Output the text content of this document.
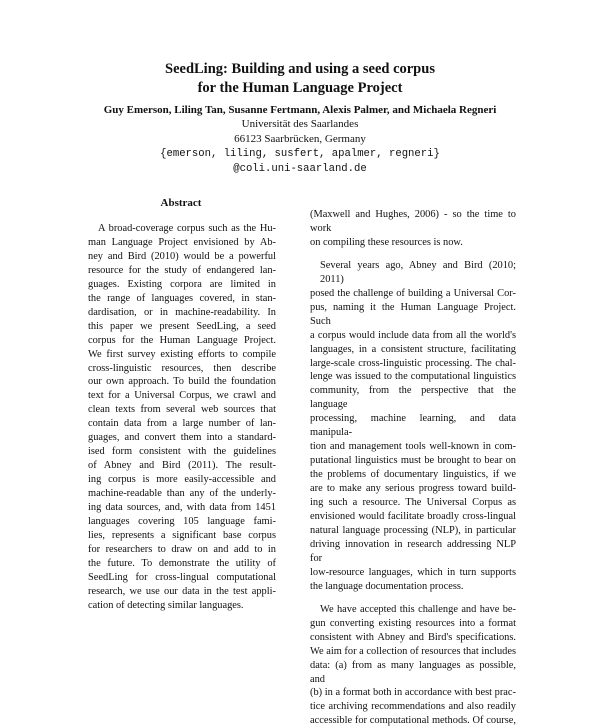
SeedLing: Building and using a seed corpus
for the Human Language Project
Guy Emerson, Liling Tan, Susanne Fertmann, Alexis Palmer, and Michaela Regneri
Universität des Saarlandes
66123 Saarbrücken, Germany
{emerson, liling, susfert, apalmer, regneri}
@coli.uni-saarland.de
Abstract
A broad-coverage corpus such as the Hu-
man Language Project envisioned by Ab-
ney and Bird (2010) would be a powerful
resource for the study of endangered lan-
guages. Existing corpora are limited in
the range of languages covered, in stan-
dardisation, or in machine-readability. In
this paper we present SeedLing, a seed
corpus for the Human Language Project.
We first survey existing efforts to compile
cross-linguistic resources, then describe
our own approach. To build the foundation
text for a Universal Corpus, we crawl and
clean texts from several web sources that
contain data from a large number of lan-
guages, and convert them into a standard-
ised form consistent with the guidelines
of Abney and Bird (2011). The result-
ing corpus is more easily-accessible and
machine-readable than any of the underly-
ing data sources, and, with data from 1451
languages covering 105 language fami-
lies, represents a significant base corpus
for researchers to draw on and add to in
the future. To demonstrate the utility of
SeedLing for cross-lingual computational
research, we use our data in the test appli-
cation of detecting similar languages.
(Maxwell and Hughes, 2006) - so the time to work
on compiling these resources is now.
Several years ago, Abney and Bird (2010; 2011)
posed the challenge of building a Universal Cor-
pus, naming it the Human Language Project. Such
a corpus would include data from all the world's
languages, in a consistent structure, facilitating
large-scale cross-linguistic processing. The chal-
lenge was issued to the computational linguistics
community, from the perspective that the language
processing, machine learning, and data manipula-
tion and management tools well-known in com-
putational linguistics must be brought to bear on
the problems of documentary linguistics, if we
are to make any serious progress toward build-
ing such a resource. The Universal Corpus as
envisioned would facilitate broadly cross-lingual
natural language processing (NLP), in particular
driving innovation in research addressing NLP for
low-resource languages, which in turn supports
the language documentation process.
We have accepted this challenge and have be-
gun converting existing resources into a format
consistent with Abney and Bird's specifications.
We aim for a collection of resources that includes
data: (a) from as many languages as possible, and
(b) in a format both in accordance with best prac-
tice archiving recommendations and also readily
accessible for computational methods. Of course,
